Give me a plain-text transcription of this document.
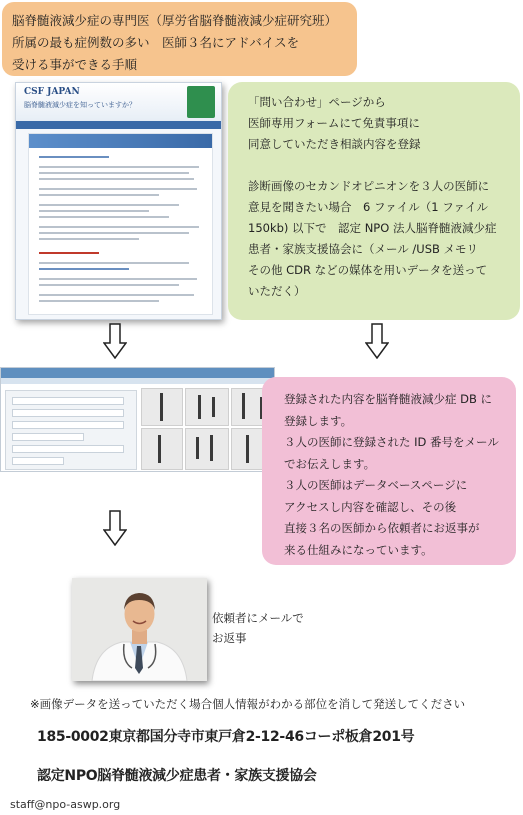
脳脊髄液減少症の専門医（厚労省脳脊髄液減少症研究班）
所属の最も症例数の多い　医師３名にアドバイスを
受ける事ができる手順
CSF JAPAN
脳脊髄液減少症を知っていますか？	「問い合わせ」ページから
医師専用フォームにて免責事項に
同意していただき相談内容を登録
診断画像のセカンドオピニオンを３人の医師に
意見を聞きたい場合　6 ファイル（1 ファイル
150kb) 以下で　認定 NPO 法人脳脊髄液減少症
患者・家族支援協会に（メール /USB メモリ
その他 CDR などの媒体を用いデータを送って
いただく）
登録された内容を脳脊髄液減少症 DB に
登録します。
３人の医師に登録された ID 番号をメール
でお伝えします。
３人の医師はデータベースページに
アクセスし内容を確認し、その後
直接３名の医師から依頼者にお返事が
来る仕組みになっています。
依頼者にメールで
お返事
※画像データを送っていただく場合個人情報がわかる部位を消して発送してください
185-0002東京都国分寺市東戸倉2-12-46コーポ板倉201号
認定NPO脳脊髄液減少症患者・家族支援協会
staff@npo-aswp.org
